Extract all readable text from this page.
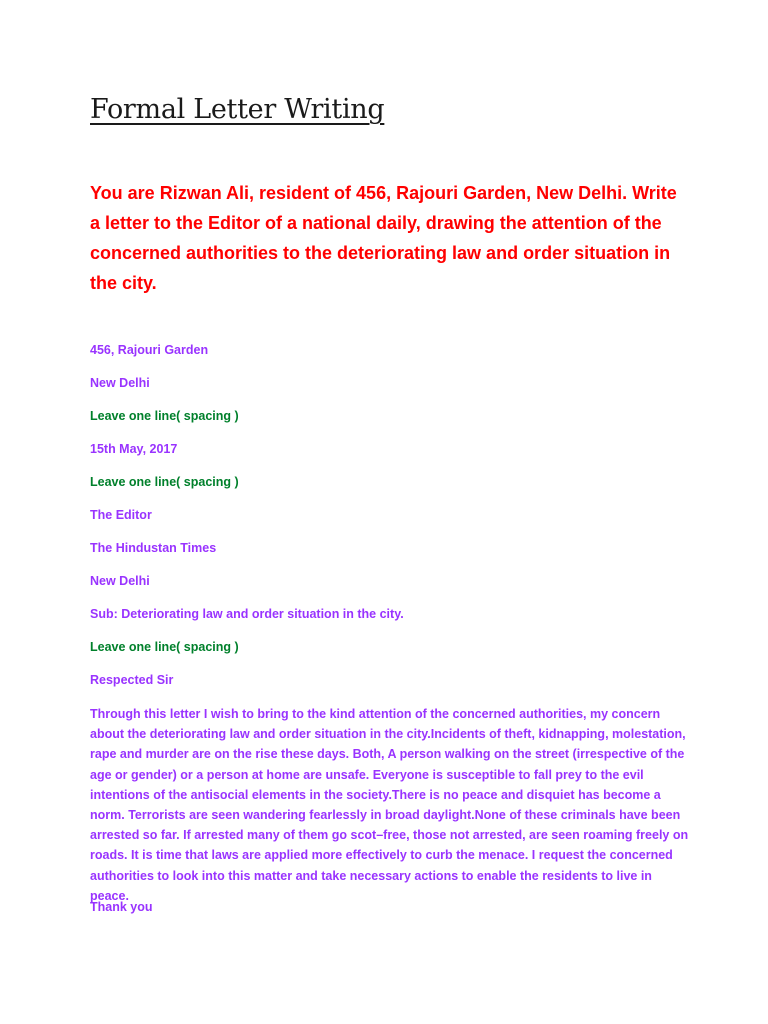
Formal Letter Writing

You are Rizwan Ali, resident of 456, Rajouri Garden, New Delhi. Write a letter to the Editor of a national daily, drawing the attention of the concerned authorities to the deteriorating law and order situation in the city.

456, Rajouri Garden

New Delhi

Leave one line( spacing )

15th May, 2017

Leave one line( spacing )

The Editor

The Hindustan Times

New Delhi

Sub: Deteriorating law and order situation in the city.

Leave one line( spacing )

Respected Sir

Through this letter I wish to bring to the kind attention of the concerned authorities, my concern about the deteriorating law and order situation in the city.Incidents of theft, kidnapping, molestation, rape and murder are on the rise these days. Both, A person walking on the street (irrespective of the age or gender) or a person at home are unsafe. Everyone is susceptible to fall prey to the evil intentions of the antisocial elements in the society.There is no peace and disquiet has become a norm. Terrorists are seen wandering fearlessly in broad daylight.None of these criminals have been arrested so far. If arrested many of them go scot–free, those not arrested, are seen roaming freely on roads. It is time that laws are applied more effectively to curb the menace. I request the concerned authorities to look into this matter and take necessary actions to enable the residents to live in peace.

Thank you
